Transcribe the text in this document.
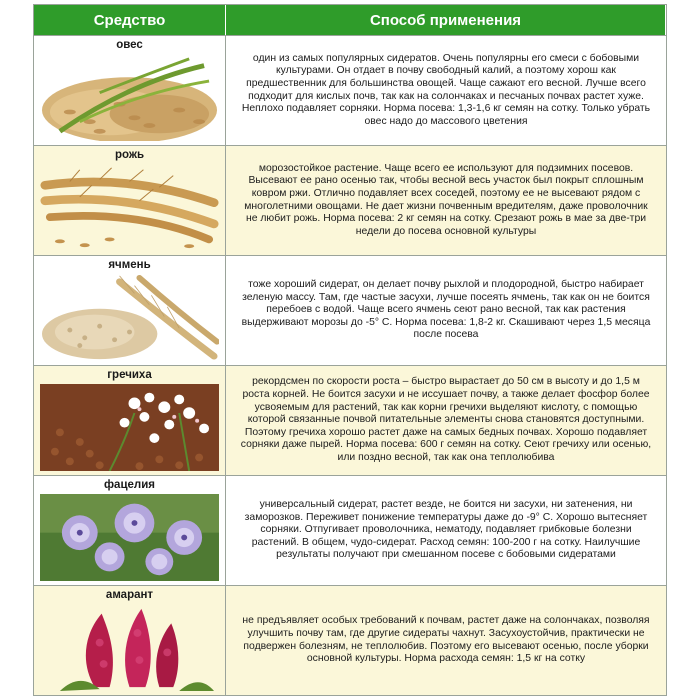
Средство	Способ применения
овес
один из самых популярных сидератов. Очень популярны его смеси с бобовыми культурами. Он отдает в почву свободный калий, а поэтому хорош как предшественник для большинства овощей. Чаще сажают его весной. Лучше всего подходит для кислых почв, так как на солончаках и песчаных почвах растет хуже. Неплохо подавляет сорняки. Норма посева: 1,3-1,6 кг семян на сотку. Только убрать овес надо до массового цветения
рожь
морозостойкое растение. Чаще всего ее используют для подзимних посевов. Высевают ее рано осенью так, чтобы весной весь участок был покрыт сплошным ковром ржи. Отлично подавляет всех соседей, поэтому ее не высевают рядом с многолетними овощами. Не дает жизни почвенным вредителям, даже проволочник не любит рожь. Норма посева: 2 кг семян на сотку. Срезают рожь в мае за две-три недели до посева основной культуры
ячмень
тоже хороший сидерат, он делает почву рыхлой и плодородной, быстро набирает зеленую массу. Там, где частые засухи, лучше посеять ячмень, так как он не боится перебоев с водой. Чаще всего ячмень сеют рано весной, так как растения выдерживают морозы до -5° С. Норма посева: 1,8-2 кг. Скашивают через 1,5 месяца после посева
гречиха
рекордсмен по скорости роста – быстро вырастает до 50 см в высоту и до 1,5 м роста корней. Не боится засухи и не иссушает почву, а также делает фосфор более усвояемым для растений, так как корни гречихи выделяют кислоту, с помощью которой связанные почвой питательные элементы снова становятся доступными. Поэтому гречиха хорошо растет даже на самых бедных почвах. Хорошо подавляет сорняки даже пырей. Норма посева: 600 г семян на сотку. Сеют гречиху или осенью, или поздно весной, так как она теплолюбива
фацелия
универсальный сидерат, растет везде, не боится ни засухи, ни затенения, ни заморозков. Переживет понижение температуры даже до -9° С. Хорошо вытесняет сорняки. Отпугивает проволочника, нематоду, подавляет грибковые болезни растений. В общем, чудо-сидерат. Расход семян: 100-200 г на сотку. Наилучшие результаты получают при смешанном посеве с бобовыми сидератами
амарант
не предъявляет особых требований к почвам, растет даже на солончаках, позволяя улучшить почву там, где другие сидераты чахнут. Засухоустойчив, практически не подвержен болезням, не теплолюбив. Поэтому его высевают осенью, после уборки основной культуры. Норма расхода семян: 1,5 кг на сотку
